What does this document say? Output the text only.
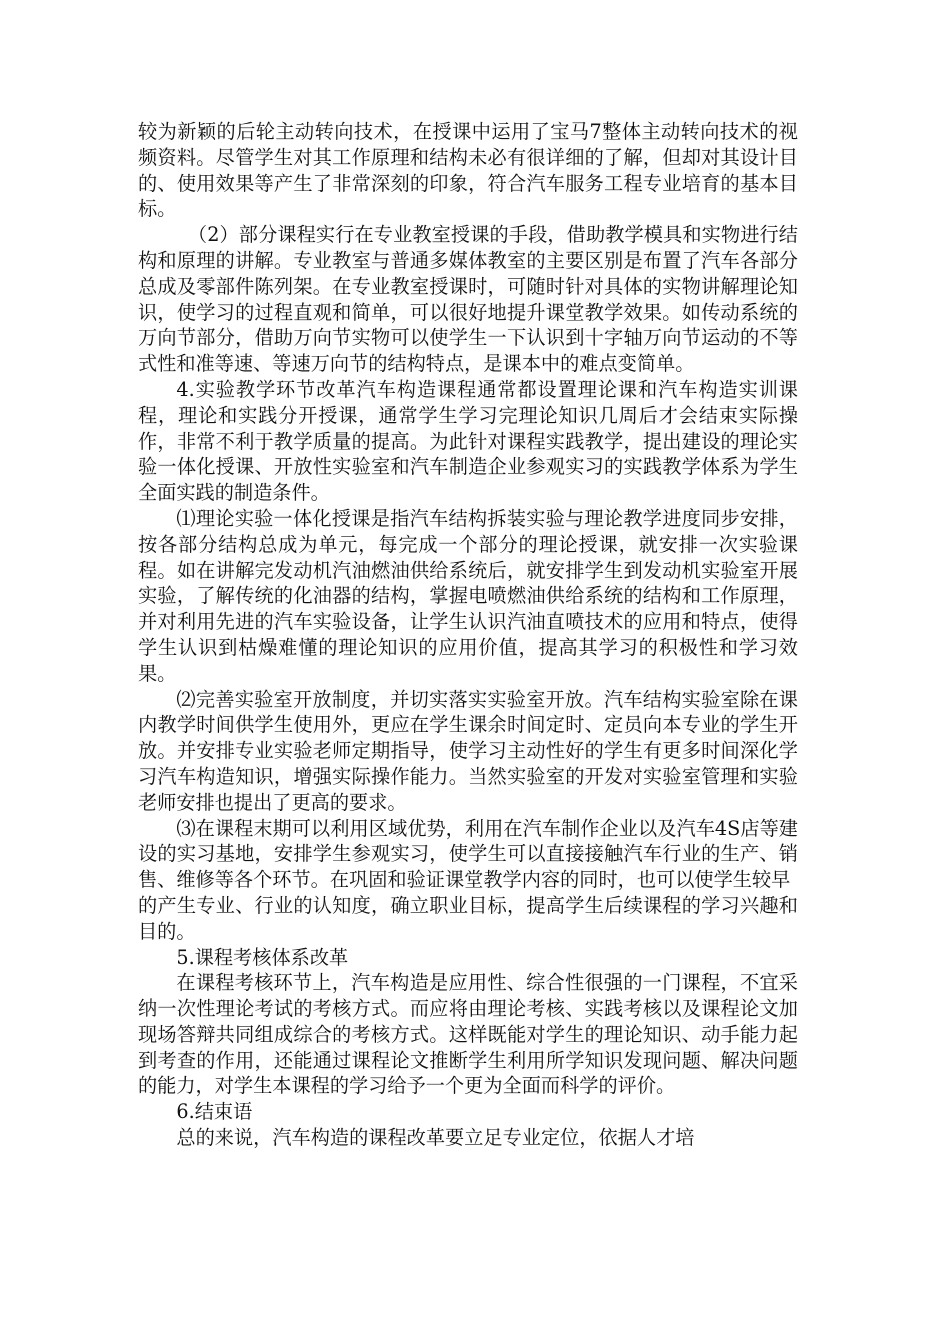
较为新颖的后轮主动转向技术，在授课中运用了宝马7整体主动转向技术的视频资料。尽管学生对其工作原理和结构未必有很详细的了解，但却对其设计目的、使用效果等产生了非常深刻的印象，符合汽车服务工程专业培育的基本目标。

（2）部分课程实行在专业教室授课的手段，借助教学模具和实物进行结构和原理的讲解。专业教室与普通多媒体教室的主要区别是布置了汽车各部分总成及零部件陈列架。在专业教室授课时，可随时针对具体的实物讲解理论知识，使学习的过程直观和简单，可以很好地提升课堂教学效果。如传动系统的万向节部分，借助万向节实物可以使学生一下认识到十字轴万向节运动的不等式性和准等速、等速万向节的结构特点，是课本中的难点变简单。

4.实验教学环节改革汽车构造课程通常都设置理论课和汽车构造实训课程，理论和实践分开授课，通常学生学习完理论知识几周后才会结束实际操作，非常不利于教学质量的提高。为此针对课程实践教学，提出建设的理论实验一体化授课、开放性实验室和汽车制造企业参观实习的实践教学体系为学生全面实践的制造条件。

⑴理论实验一体化授课是指汽车结构拆装实验与理论教学进度同步安排，按各部分结构总成为单元，每完成一个部分的理论授课，就安排一次实验课程。如在讲解完发动机汽油燃油供给系统后，就安排学生到发动机实验室开展实验，了解传统的化油器的结构，掌握电喷燃油供给系统的结构和工作原理，并对利用先进的汽车实验设备，让学生认识汽油直喷技术的应用和特点，使得学生认识到枯燥难懂的理论知识的应用价值，提高其学习的积极性和学习效果。

⑵完善实验室开放制度，并切实落实实验室开放。汽车结构实验室除在课内教学时间供学生使用外，更应在学生课余时间定时、定员向本专业的学生开放。并安排专业实验老师定期指导，使学习主动性好的学生有更多时间深化学习汽车构造知识，增强实际操作能力。当然实验室的开发对实验室管理和实验老师安排也提出了更高的要求。

⑶在课程末期可以利用区域优势，利用在汽车制作企业以及汽车4S店等建设的实习基地，安排学生参观实习，使学生可以直接接触汽车行业的生产、销售、维修等各个环节。在巩固和验证课堂教学内容的同时，也可以使学生较早

的产生专业、行业的认知度，确立职业目标，提高学生后续课程的学习兴趣和目的。

5.课程考核体系改革

在课程考核环节上，汽车构造是应用性、综合性很强的一门课程，不宜采纳一次性理论考试的考核方式。而应将由理论考核、实践考核以及课程论文加现场答辩共同组成综合的考核方式。这样既能对学生的理论知识、动手能力起到考查的作用，还能通过课程论文推断学生利用所学知识发现问题、解决问题的能力，对学生本课程的学习给予一个更为全面而科学的评价。

6.结束语

总的来说，汽车构造的课程改革要立足专业定位，依据人才培
